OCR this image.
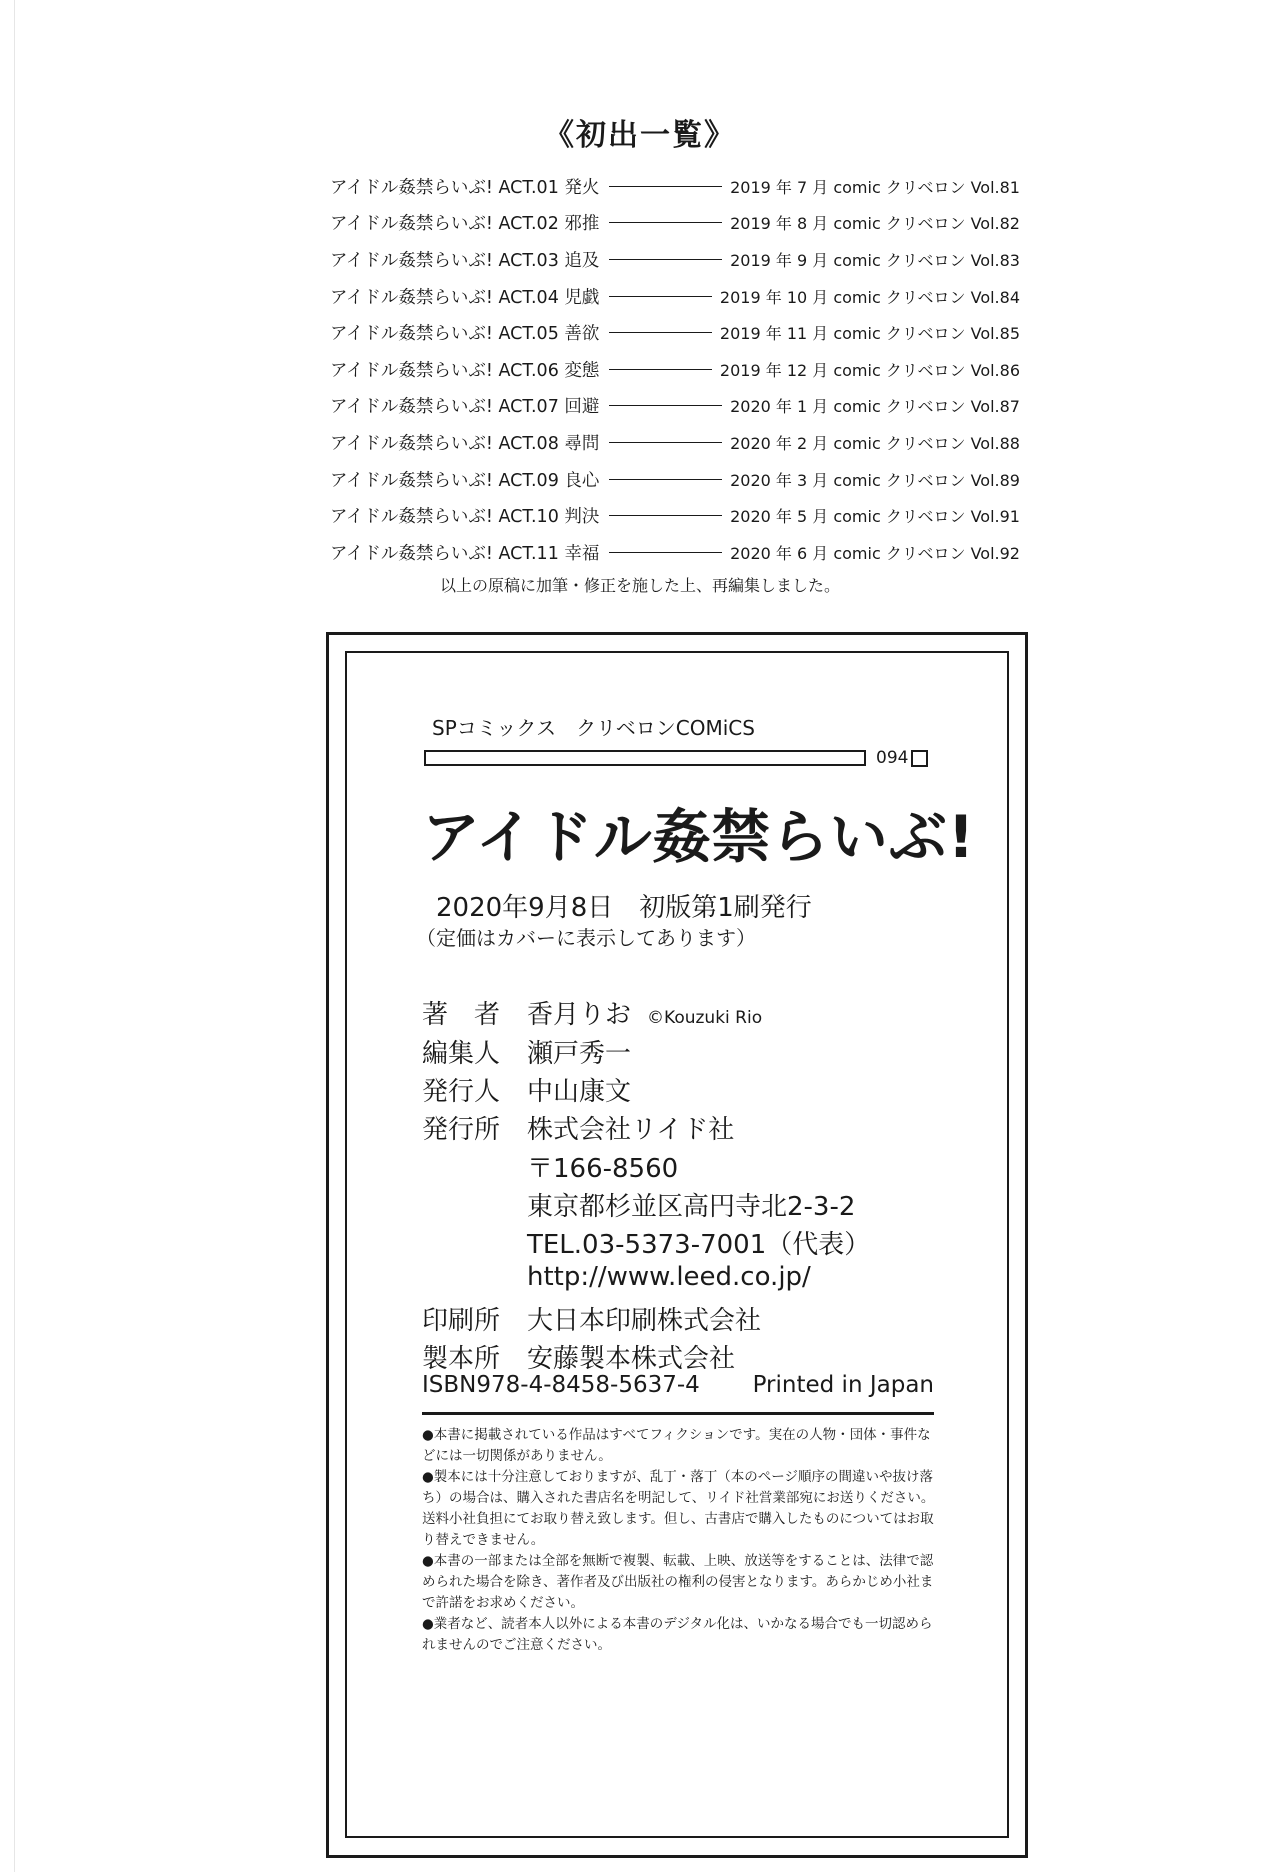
《初出一覧》
アイドル姦禁らいぶ! ACT.01 発火	2019 年 7 月 comic クリベロン Vol.81
アイドル姦禁らいぶ! ACT.02 邪推	2019 年 8 月 comic クリベロン Vol.82
アイドル姦禁らいぶ! ACT.03 追及	2019 年 9 月 comic クリベロン Vol.83
アイドル姦禁らいぶ! ACT.04 児戯	2019 年 10 月 comic クリベロン Vol.84
アイドル姦禁らいぶ! ACT.05 善欲	2019 年 11 月 comic クリベロン Vol.85
アイドル姦禁らいぶ! ACT.06 変態	2019 年 12 月 comic クリベロン Vol.86
アイドル姦禁らいぶ! ACT.07 回避	2020 年 1 月 comic クリベロン Vol.87
アイドル姦禁らいぶ! ACT.08 尋問	2020 年 2 月 comic クリベロン Vol.88
アイドル姦禁らいぶ! ACT.09 良心	2020 年 3 月 comic クリベロン Vol.89
アイドル姦禁らいぶ! ACT.10 判決	2020 年 5 月 comic クリベロン Vol.91
アイドル姦禁らいぶ! ACT.11 幸福	2020 年 6 月 comic クリベロン Vol.92
以上の原稿に加筆・修正を施した上、再編集しました。
SPコミックス　クリベロンCOMiCS
094
アイドル姦禁らいぶ!
2020年9月8日　初版第1刷発行
（定価はカバーに表示してあります）
著　者 香月りお ©Kouzuki Rio
編集人 瀬戸秀一
発行人 中山康文
発行所 株式会社リイド社
〒166-8560
東京都杉並区高円寺北2-3-2
TEL.03-5373-7001（代表）
http://www.leed.co.jp/
印刷所 大日本印刷株式会社
製本所 安藤製本株式会社
ISBN978-4-8458-5637-4 Printed in Japan

●本書に掲載されている作品はすべてフィクションです。実在の人物・団体・事件などには一切関係がありません。

●製本には十分注意しておりますが、乱丁・落丁（本のページ順序の間違いや抜け落ち）の場合は、購入された書店名を明記して、リイド社営業部宛にお送りください。送料小社負担にてお取り替え致します。但し、古書店で購入したものについてはお取り替えできません。

●本書の一部または全部を無断で複製、転載、上映、放送等をすることは、法律で認められた場合を除き、著作者及び出版社の権利の侵害となります。あらかじめ小社まで許諾をお求めください。

●業者など、読者本人以外による本書のデジタル化は、いかなる場合でも一切認められませんのでご注意ください。
